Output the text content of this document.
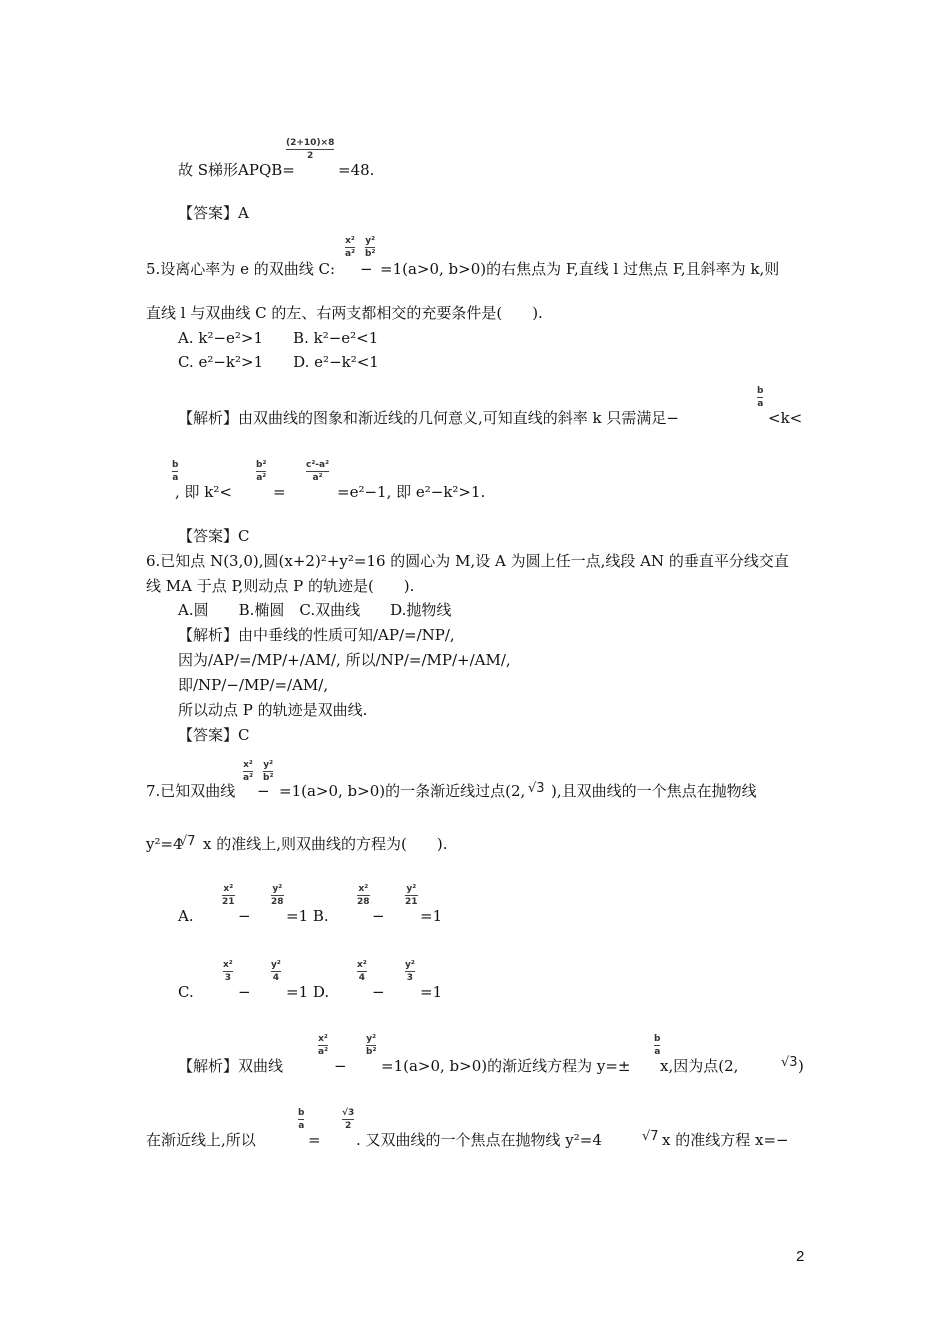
故 S梯形APQB=
(2+10)×8
2
=48.
【答案】A
5.设离心率为 e 的双曲线 C:
x²
a²
−
y²
b²
=1(a>0, b>0)的右焦点为 F,直线 l 过焦点 F,且斜率为 k,则
直线 l 与双曲线 C 的左、右两支都相交的充要条件是(　　).
A. k²−e²>1　　B. k²−e²<1
C. e²−k²>1　　D. e²−k²<1
【解析】由双曲线的图象和渐近线的几何意义,可知直线的斜率 k 只需满足−
b
a
<k<
b
a
, 即 k²<
b²
a²
=
c²-a²
a²
=e²−1, 即 e²−k²>1.
【答案】C
6.已知点 N(3,0),圆(x+2)²+y²=16 的圆心为 M,设 A 为圆上任一点,线段 AN 的垂直平分线交直
线 MA 于点 P,则动点 P 的轨迹是(　　).
A.圆　　B.椭圆　C.双曲线　　D.抛物线
【解析】由中垂线的性质可知/AP/=/NP/,
因为/AP/=/MP/+/AM/, 所以/NP/=/MP/+/AM/,
即/NP/−/MP/=/AM/,
所以动点 P 的轨迹是双曲线.
【答案】C
7.已知双曲线
x²
a²
−
y²
b²
=1(a>0, b>0)的一条渐近线过点(2, √3 ),且双曲线的一个焦点在抛物线
y²=4
√7 x 的准线上,则双曲线的方程为(　　).
A.
x²
21
−
y²
28
=1 B.
x²
28
−
y²
21
=1
C.
x²
3
−
y²
4
=1 D.
x²
4
−
y²
3
=1
【解析】双曲线
x²
a²
−
y²
b²
=1(a>0, b>0)的渐近线方程为 y=±
b
a
x,因为点(2,	√3 )
在渐近线上,所以
b
a
=
√3
2
. 又双曲线的一个焦点在抛物线 y²=4	√7 x 的准线方程 x=−
2
